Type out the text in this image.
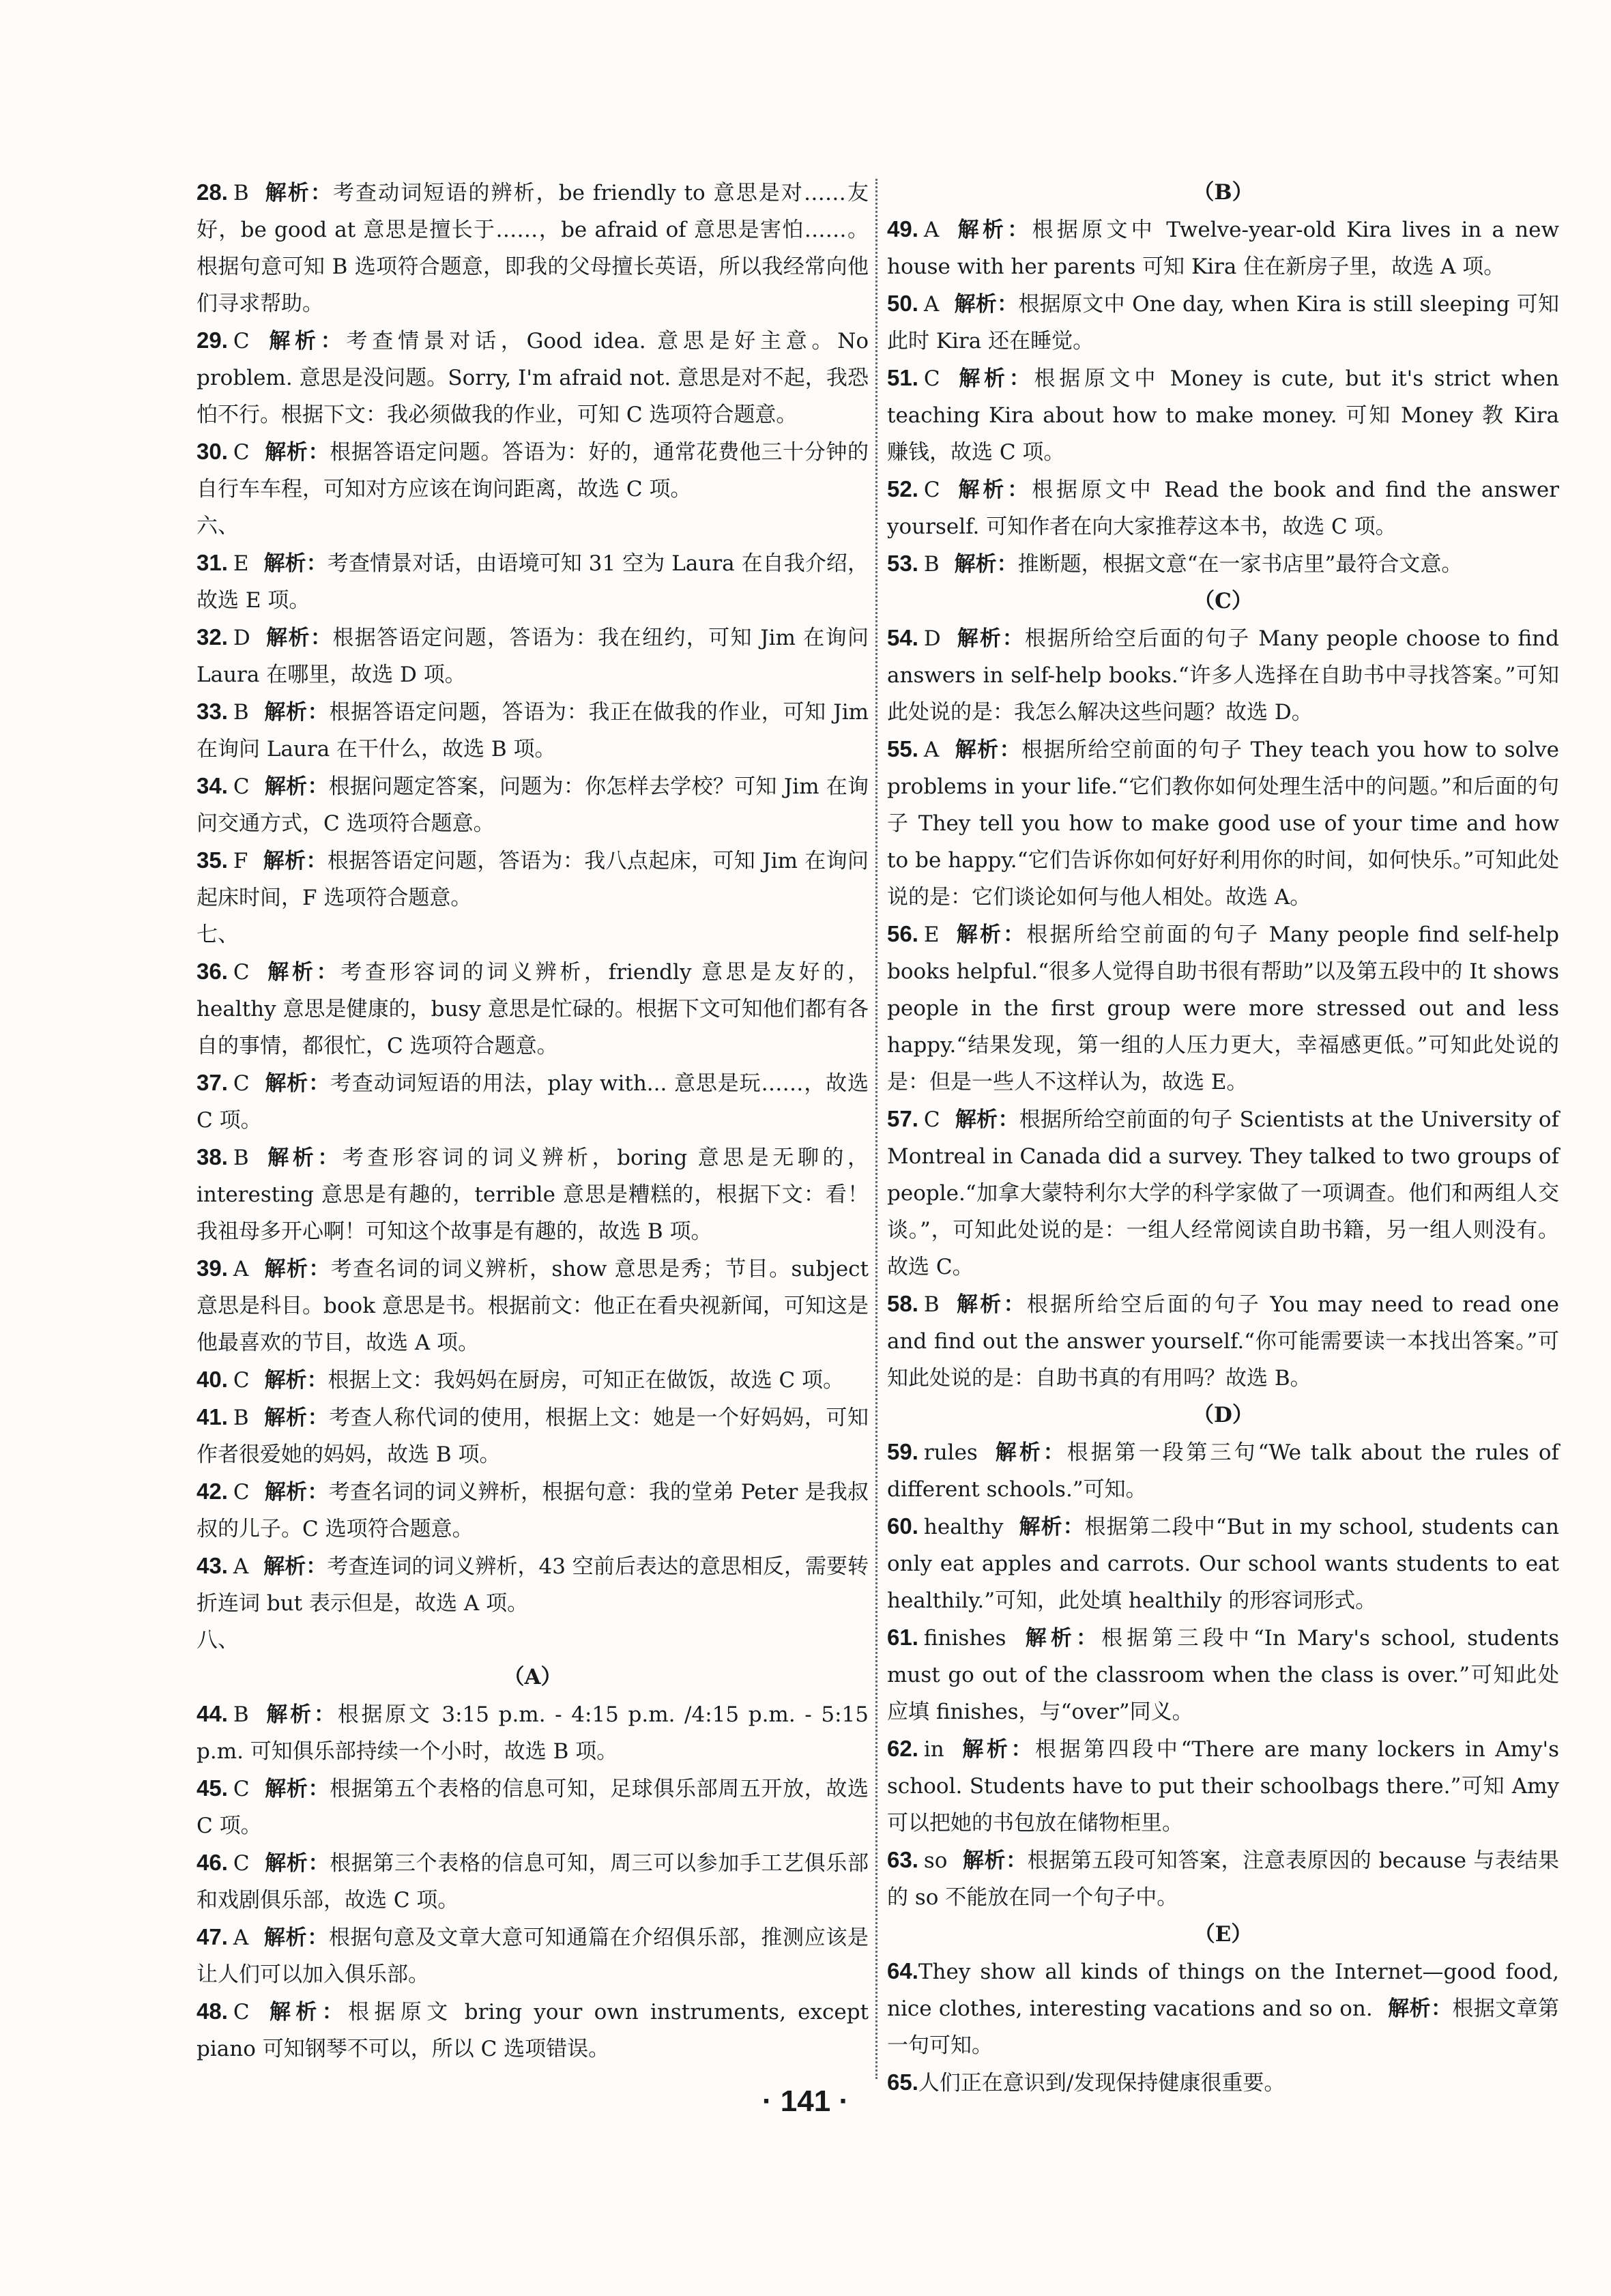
28. B 解析：考查动词短语的辨析，be friendly to 意思是对……友好，be good at 意思是擅长于……，be afraid of 意思是害怕……。根据句意可知 B 选项符合题意，即我的父母擅长英语，所以我经常向他们寻求帮助。
29. C 解析：考查情景对话，Good idea. 意思是好主意。No problem. 意思是没问题。Sorry, I'm afraid not. 意思是对不起，我恐怕不行。根据下文：我必须做我的作业，可知 C 选项符合题意。
30. C 解析：根据答语定问题。答语为：好的，通常花费他三十分钟的自行车车程，可知对方应该在询问距离，故选 C 项。
六、
31. E 解析：考查情景对话，由语境可知 31 空为 Laura 在自我介绍，故选 E 项。
32. D 解析：根据答语定问题，答语为：我在纽约，可知 Jim 在询问 Laura 在哪里，故选 D 项。
33. B 解析：根据答语定问题，答语为：我正在做我的作业，可知 Jim 在询问 Laura 在干什么，故选 B 项。
34. C 解析：根据问题定答案，问题为：你怎样去学校？可知 Jim 在询问交通方式，C 选项符合题意。
35. F 解析：根据答语定问题，答语为：我八点起床，可知 Jim 在询问起床时间，F 选项符合题意。
七、
36. C 解析：考查形容词的词义辨析，friendly 意思是友好的，healthy 意思是健康的，busy 意思是忙碌的。根据下文可知他们都有各自的事情，都很忙，C 选项符合题意。
37. C 解析：考查动词短语的用法，play with... 意思是玩……，故选 C 项。
38. B 解析：考查形容词的词义辨析，boring 意思是无聊的，interesting 意思是有趣的，terrible 意思是糟糕的，根据下文：看！我祖母多开心啊！可知这个故事是有趣的，故选 B 项。
39. A 解析：考查名词的词义辨析，show 意思是秀；节目。subject 意思是科目。book 意思是书。根据前文：他正在看央视新闻，可知这是他最喜欢的节目，故选 A 项。
40. C 解析：根据上文：我妈妈在厨房，可知正在做饭，故选 C 项。
41. B 解析：考查人称代词的使用，根据上文：她是一个好妈妈，可知作者很爱她的妈妈，故选 B 项。
42. C 解析：考查名词的词义辨析，根据句意：我的堂弟 Peter 是我叔叔的儿子。C 选项符合题意。
43. A 解析：考查连词的词义辨析，43 空前后表达的意思相反，需要转折连词 but 表示但是，故选 A 项。
八、
（A）
44. B 解析：根据原文 3:15 p.m. - 4:15 p.m. /4:15 p.m. - 5:15 p.m. 可知俱乐部持续一个小时，故选 B 项。
45. C 解析：根据第五个表格的信息可知，足球俱乐部周五开放，故选 C 项。
46. C 解析：根据第三个表格的信息可知，周三可以参加手工艺俱乐部和戏剧俱乐部，故选 C 项。
47. A 解析：根据句意及文章大意可知通篇在介绍俱乐部，推测应该是让人们可以加入俱乐部。
48. C 解析：根据原文 bring your own instruments, except piano 可知钢琴不可以，所以 C 选项错误。
（B）
49. A 解析：根据原文中 Twelve-year-old Kira lives in a new house with her parents 可知 Kira 住在新房子里，故选 A 项。
50. A 解析：根据原文中 One day, when Kira is still sleeping 可知此时 Kira 还在睡觉。
51. C 解析：根据原文中 Money is cute, but it's strict when teaching Kira about how to make money. 可知 Money 教 Kira 赚钱，故选 C 项。
52. C 解析：根据原文中 Read the book and find the answer yourself. 可知作者在向大家推荐这本书，故选 C 项。
53. B 解析：推断题，根据文意“在一家书店里”最符合文意。
（C）
54. D 解析：根据所给空后面的句子 Many people choose to find answers in self-help books.“许多人选择在自助书中寻找答案。”可知此处说的是：我怎么解决这些问题？故选 D。
55. A 解析：根据所给空前面的句子 They teach you how to solve problems in your life.“它们教你如何处理生活中的问题。”和后面的句子 They tell you how to make good use of your time and how to be happy.“它们告诉你如何好好利用你的时间，如何快乐。”可知此处说的是：它们谈论如何与他人相处。故选 A。
56. E 解析：根据所给空前面的句子 Many people find self-help books helpful.“很多人觉得自助书很有帮助”以及第五段中的 It shows people in the first group were more stressed out and less happy.“结果发现，第一组的人压力更大，幸福感更低。”可知此处说的是：但是一些人不这样认为，故选 E。
57. C 解析：根据所给空前面的句子 Scientists at the University of Montreal in Canada did a survey. They talked to two groups of people.“加拿大蒙特利尔大学的科学家做了一项调查。他们和两组人交谈。”，可知此处说的是：一组人经常阅读自助书籍，另一组人则没有。故选 C。
58. B 解析：根据所给空后面的句子 You may need to read one and find out the answer yourself.“你可能需要读一本找出答案。”可知此处说的是：自助书真的有用吗？故选 B。
（D）
59. rules 解析：根据第一段第三句“We talk about the rules of different schools.”可知。
60. healthy 解析：根据第二段中“But in my school, students can only eat apples and carrots. Our school wants students to eat healthily.”可知，此处填 healthily 的形容词形式。
61. finishes 解析：根据第三段中“In Mary's school, students must go out of the classroom when the class is over.”可知此处应填 finishes，与“over”同义。
62. in 解析：根据第四段中“There are many lockers in Amy's school. Students have to put their schoolbags there.”可知 Amy 可以把她的书包放在储物柜里。
63. so 解析：根据第五段可知答案，注意表原因的 because 与表结果的 so 不能放在同一个句子中。
（E）
64.They show all kinds of things on the Internet—good food, nice clothes, interesting vacations and so on. 解析：根据文章第一句可知。
65.人们正在意识到/发现保持健康很重要。
· 141 ·
